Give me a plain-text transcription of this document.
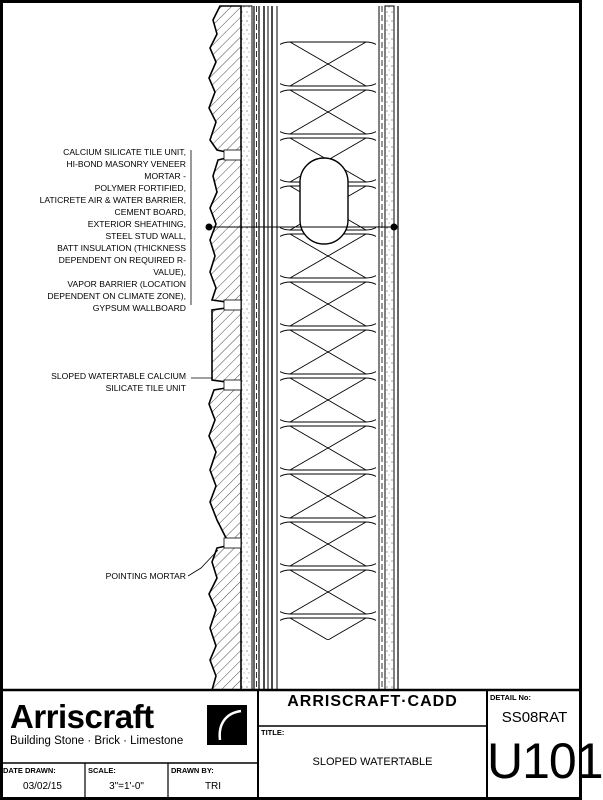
CALCIUM SILICATE TILE UNIT,
HI-BOND MASONRY VENEER MORTAR -
POLYMER FORTIFIED,
LATICRETE AIR & WATER BARRIER,
CEMENT BOARD,
EXTERIOR SHEATHING,
STEEL STUD WALL,
BATT INSULATION (THICKNESS
DEPENDENT ON REQUIRED R-VALUE),
VAPOR BARRIER (LOCATION
DEPENDENT ON CLIMATE ZONE),
GYPSUM WALLBOARD
SLOPED WATERTABLE CALCIUM
SILICATE TILE UNIT
POINTING MORTAR
Arriscraft
Building Stone · Brick · Limestone
ARRISCRAFT·CADD
TITLE:
SLOPED WATERTABLE
DETAIL No:
SS08RAT
U101
DATE DRAWN:
03/02/15
SCALE:
3"=1'-0"
DRAWN BY:
TRI
